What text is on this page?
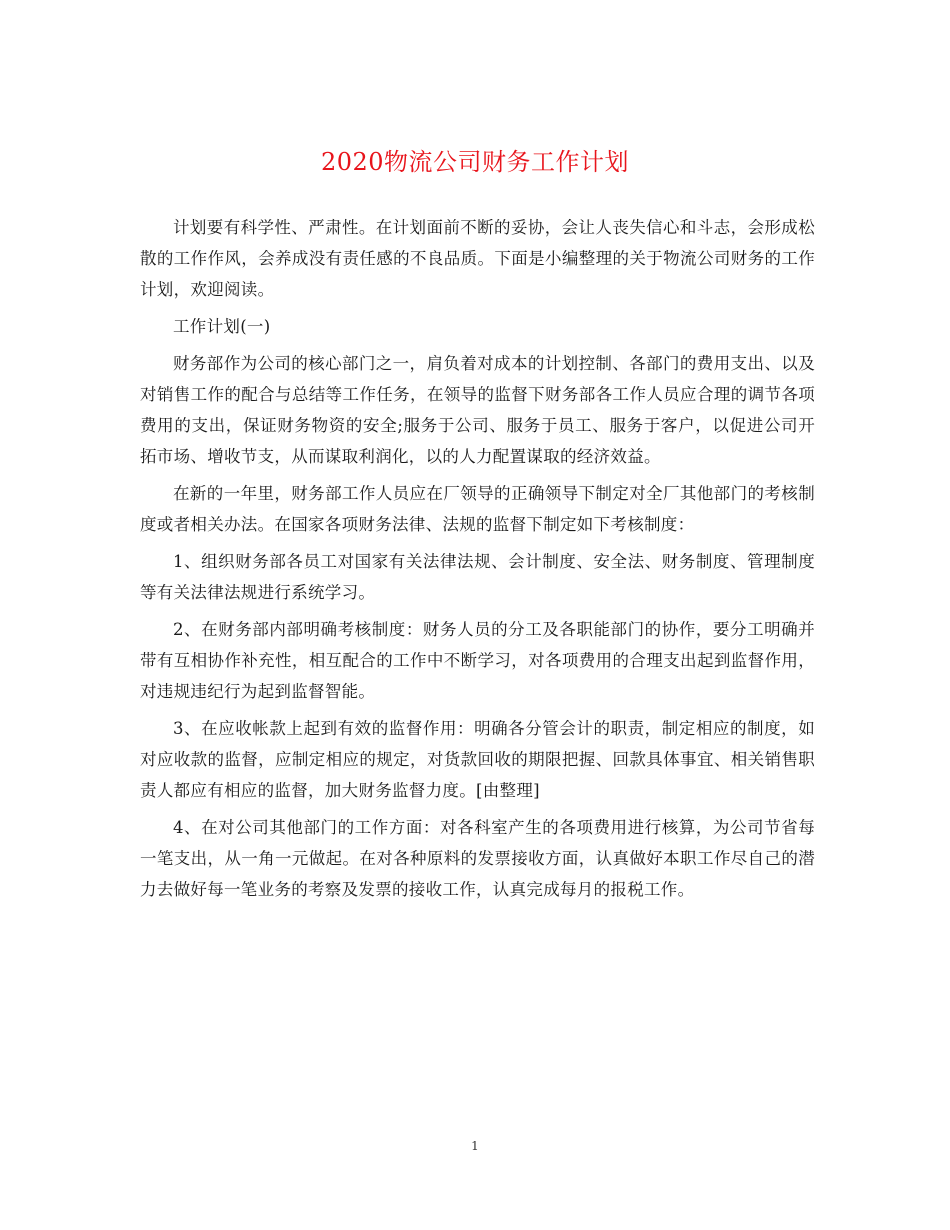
2020物流公司财务工作计划

计划要有科学性、严肃性。在计划面前不断的妥协，会让人丧失信心和斗志，会形成松散的工作作风，会养成没有责任感的不良品质。下面是小编整理的关于物流公司财务的工作计划，欢迎阅读。

工作计划(一)

财务部作为公司的核心部门之一，肩负着对成本的计划控制、各部门的费用支出、以及对销售工作的配合与总结等工作任务，在领导的监督下财务部各工作人员应合理的调节各项费用的支出，保证财务物资的安全;服务于公司、服务于员工、服务于客户，以促进公司开拓市场、增收节支，从而谋取利润化，以的人力配置谋取的经济效益。

在新的一年里，财务部工作人员应在厂领导的正确领导下制定对全厂其他部门的考核制度或者相关办法。在国家各项财务法律、法规的监督下制定如下考核制度：

1、组织财务部各员工对国家有关法律法规、会计制度、安全法、财务制度、管理制度等有关法律法规进行系统学习。

2、在财务部内部明确考核制度：财务人员的分工及各职能部门的协作，要分工明确并带有互相协作补充性，相互配合的工作中不断学习，对各项费用的合理支出起到监督作用，对违规违纪行为起到监督智能。

3、在应收帐款上起到有效的监督作用：明确各分管会计的职责，制定相应的制度，如对应收款的监督，应制定相应的规定，对货款回收的期限把握、回款具体事宜、相关销售职责人都应有相应的监督，加大财务监督力度。[由整理]

4、在对公司其他部门的工作方面：对各科室产生的各项费用进行核算，为公司节省每一笔支出，从一角一元做起。在对各种原料的发票接收方面，认真做好本职工作尽自己的潜力去做好每一笔业务的考察及发票的接收工作，认真完成每月的报税工作。

1
